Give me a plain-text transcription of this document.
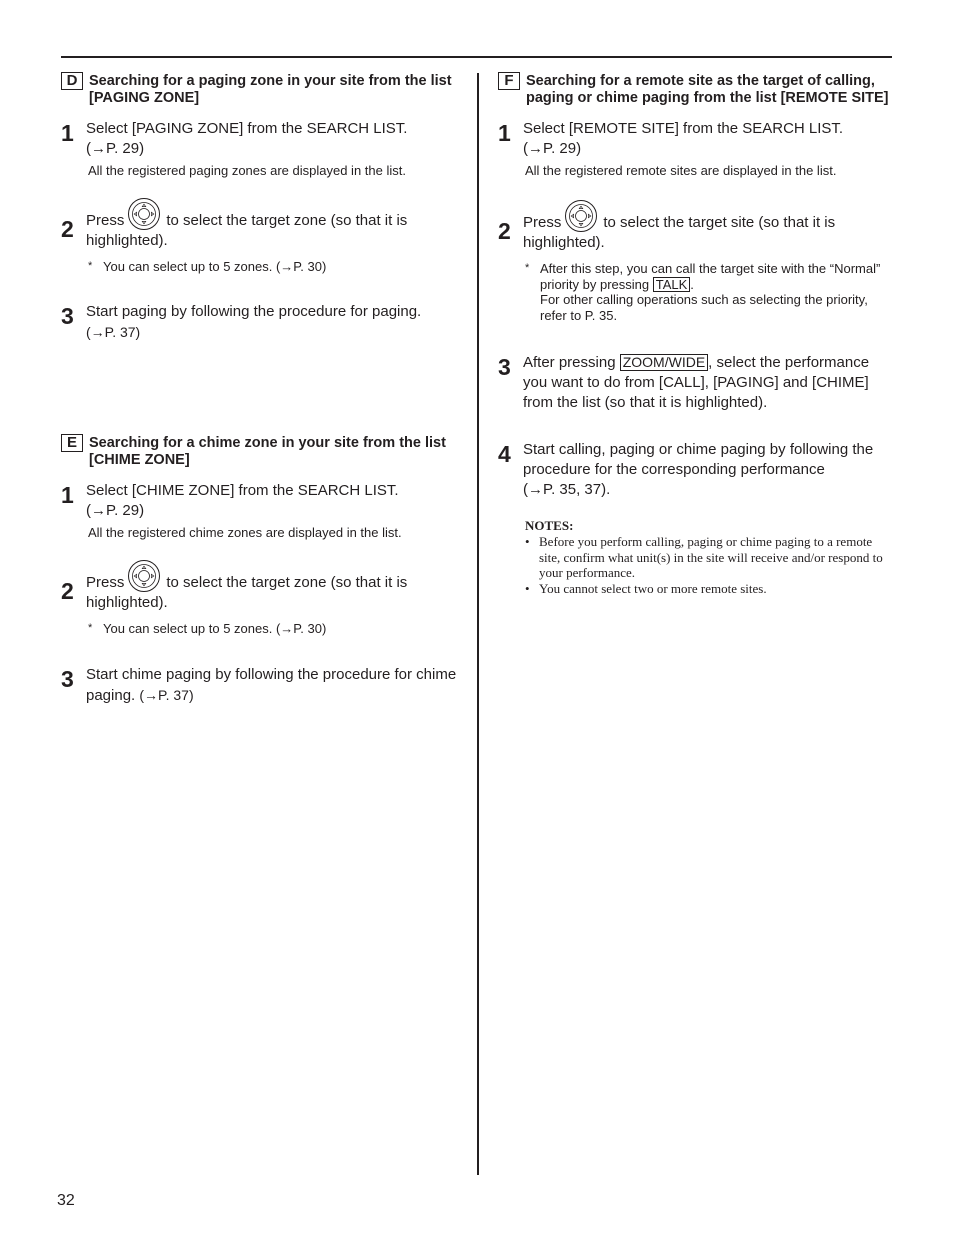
D Searching for a paging zone in your site from the list [PAGING ZONE]
1 Select [PAGING ZONE] from the SEARCH LIST.
(→P. 29)
All the registered paging zones are displayed in the list.
2 Press	to select the target zone (so that it is highlighted).
* You can select up to 5 zones. (→P. 30)
3 Start paging by following the procedure for paging.
(→P. 37)
E Searching for a chime zone in your site from the list [CHIME ZONE]
1 Select [CHIME ZONE] from the SEARCH LIST.
(→P. 29)
All the registered chime zones are displayed in the list.
2 Press	to select the target zone (so that it is highlighted).
* You can select up to 5 zones. (→P. 30)
3 Start chime paging by following the procedure for chime paging. (→P. 37)
F Searching for a remote site as the target of calling, paging or chime paging from the list [REMOTE SITE]
1 Select [REMOTE SITE] from the SEARCH LIST.
(→P. 29)
All the registered remote sites are displayed in the list.
2 Press	to select the target site (so that it is highlighted).
* After this step, you can call the target site with the “Normal” priority by pressing TALK .
For other calling operations such as selecting the priority, refer to P. 35.
3 After pressing ZOOM/WIDE , select the performance you want to do from [CALL], [PAGING] and [CHIME] from the list (so that it is highlighted).
4 Start calling, paging or chime paging by following the procedure for the corresponding performance
(→P. 35, 37).
NOTES:
• Before you perform calling, paging or chime paging to a remote site, confirm what unit(s) in the site will receive and/or respond to your performance.
• You cannot select two or more remote sites.
32
